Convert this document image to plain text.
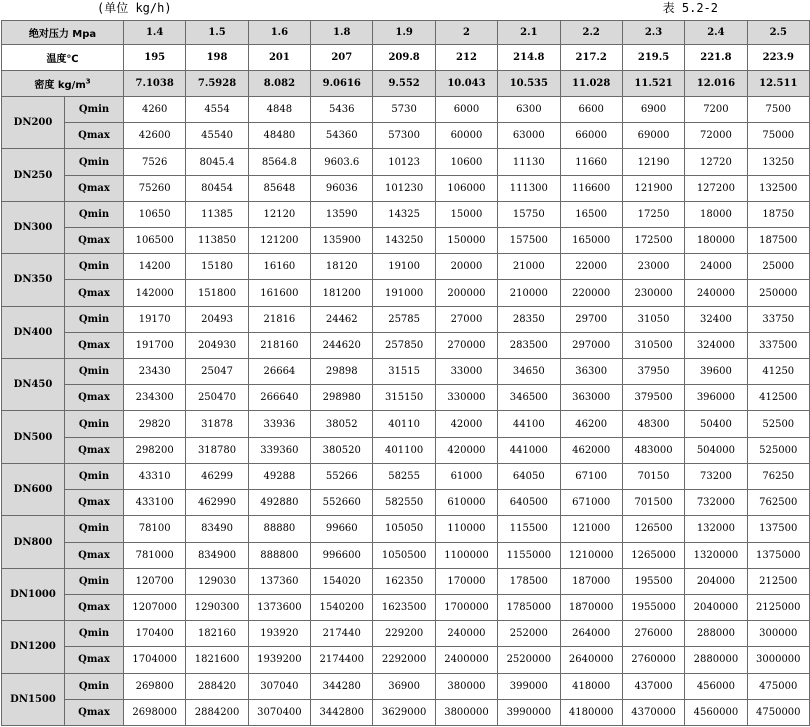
(单位 kg/h)	表 5.2-2
绝对压力 Mpa		1.4	1.5	1.6	1.8	1.9	2	2.1	2.2	2.3	2.4	2.5
温度℃		195	198	201	207	209.8	212	214.8	217.2	219.5	221.8	223.9
密度 $kg/m^3$		7.1038	7.5928	8.082	9.0616	9.552	10.043	10.535	11.028	11.521	12.016	12.511
DN200	Qmin	4260	4554	4848	5436	5730	6000	6300	6600	6900	7200	7500
	Qmax	42600	45540	48480	54360	57300	60000	63000	66000	69000	72000	75000
DN250	Qmin	7526	8045.4	8564.8	9603.6	10123	10600	11130	11660	12190	12720	13250
	Qmax	75260	80454	85648	96036	101230	106000	111300	116600	121900	127200	132500
DN300	Qmin	10650	11385	12120	13590	14325	15000	15750	16500	17250	18000	18750
	Qmax	106500	113850	121200	135900	143250	150000	157500	165000	172500	180000	187500
DN350	Qmin	14200	15180	16160	18120	19100	20000	21000	22000	23000	24000	25000
	Qmax	142000	151800	161600	181200	191000	200000	210000	220000	230000	240000	250000
DN400	Qmin	19170	20493	21816	24462	25785	27000	28350	29700	31050	32400	33750
	Qmax	191700	204930	218160	244620	257850	270000	283500	297000	310500	324000	337500
DN450	Qmin	23430	25047	26664	29898	31515	33000	34650	36300	37950	39600	41250
	Qmax	234300	250470	266640	298980	315150	330000	346500	363000	379500	396000	412500
DN500	Qmin	29820	31878	33936	38052	40110	42000	44100	46200	48300	50400	52500
	Qmax	298200	318780	339360	380520	401100	420000	441000	462000	483000	504000	525000
DN600	Qmin	43310	46299	49288	55266	58255	61000	64050	67100	70150	73200	76250
	Qmax	433100	462990	492880	552660	582550	610000	640500	671000	701500	732000	762500
DN800	Qmin	78100	83490	88880	99660	105050	110000	115500	121000	126500	132000	137500
	Qmax	781000	834900	888800	996600	1050500	1100000	1155000	1210000	1265000	1320000	1375000
DN1000	Qmin	120700	129030	137360	154020	162350	170000	178500	187000	195500	204000	212500
	Qmax	1207000	1290300	1373600	1540200	1623500	1700000	1785000	1870000	1955000	2040000	2125000
DN1200	Qmin	170400	182160	193920	217440	229200	240000	252000	264000	276000	288000	300000
	Qmax	1704000	1821600	1939200	2174400	2292000	2400000	2520000	2640000	2760000	2880000	3000000
DN1500	Qmin	269800	288420	307040	344280	36900	380000	399000	418000	437000	456000	475000
	Qmax	2698000	2884200	3070400	3442800	3629000	3800000	3990000	4180000	4370000	4560000	4750000
